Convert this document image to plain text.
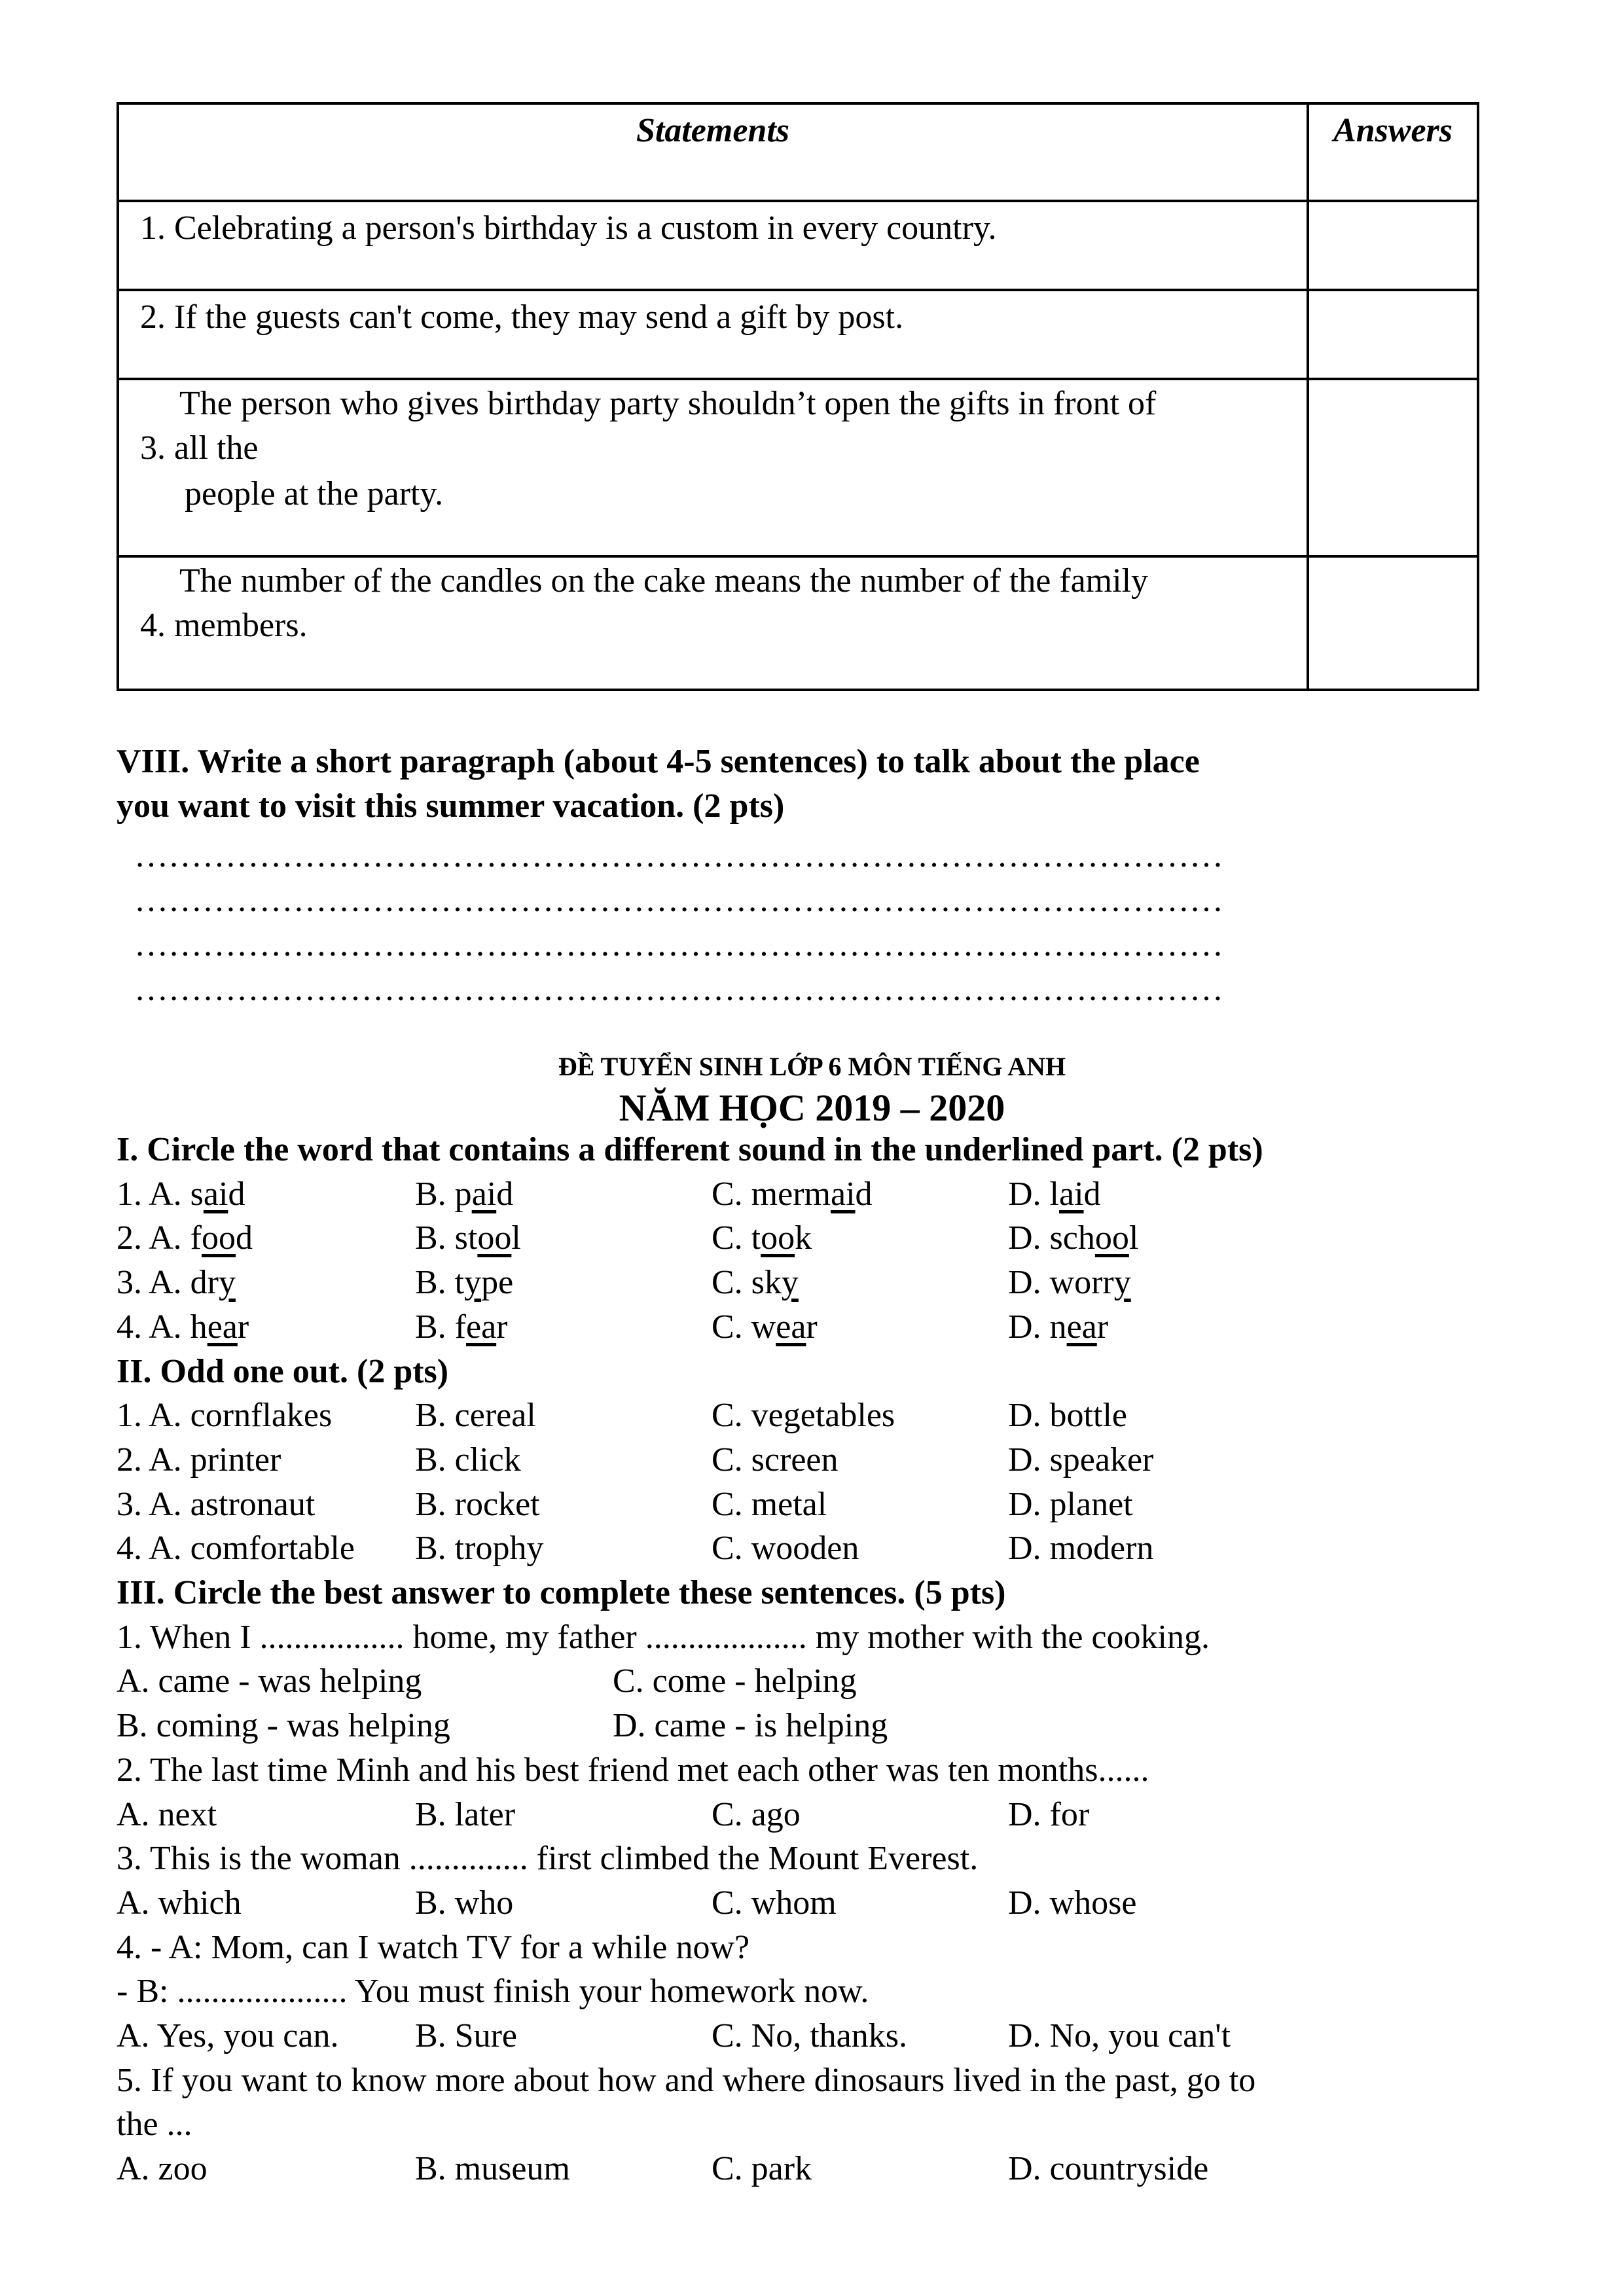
Statements	Answers

1. Celebrating a person's birthday is a custom in every country.	

2. If the guests can't come, they may send a gift by post.	

The person who gives birthday party shouldn’t open the gifts in front of
3. all the
people at the party.	

The number of the candles on the cake means the number of the family
4. members.	

VIII. Write a short paragraph (about 4-5 sentences) to talk about the place
you want to visit this summer vacation. (2 pts)
……………………………………………………………………………………
……………………………………………………………………………………
……………………………………………………………………………………
……………………………………………………………………………………
ĐỀ TUYỂN SINH LỚP 6 MÔN TIẾNG ANH
NĂM HỌC 2019 – 2020
I. Circle the word that contains a different sound in the underlined part. (2 pts)
1. A. said	B. paid	C. mermaid	D. laid
2. A. food	B. stool	C. took	D. school
3. A. dry	B. type	C. sky	D. worry
4. A. hear	B. fear	C. wear	D. near
II. Odd one out. (2 pts)
1. A. cornflakes B. cereal	C. vegetables	D. bottle
2. A. printer	B. click	C. screen	D. speaker
3. A. astronaut	B. rocket	C. metal	D. planet
4. A. comfortable B. trophy	C. wooden	D. modern
III. Circle the best answer to complete these sentences. (5 pts)
1. When I ................. home, my father ................... my mother with the cooking.
A. came - was helping	C. come - helping
B. coming - was helping	D. came - is helping
2. The last time Minh and his best friend met each other was ten months......
A. next	B. later	C. ago	D. for
3. This is the woman .............. first climbed the Mount Everest.
A. which	B. who	C. whom	D. whose
4. - A: Mom, can I watch TV for a while now?
- B: .................... You must finish your homework now.
A. Yes, you can. B. Sure	C. No, thanks.	D. No, you can't
5. If you want to know more about how and where dinosaurs lived in the past, go to
the ...
A. zoo	B. museum	C. park	D. countryside
